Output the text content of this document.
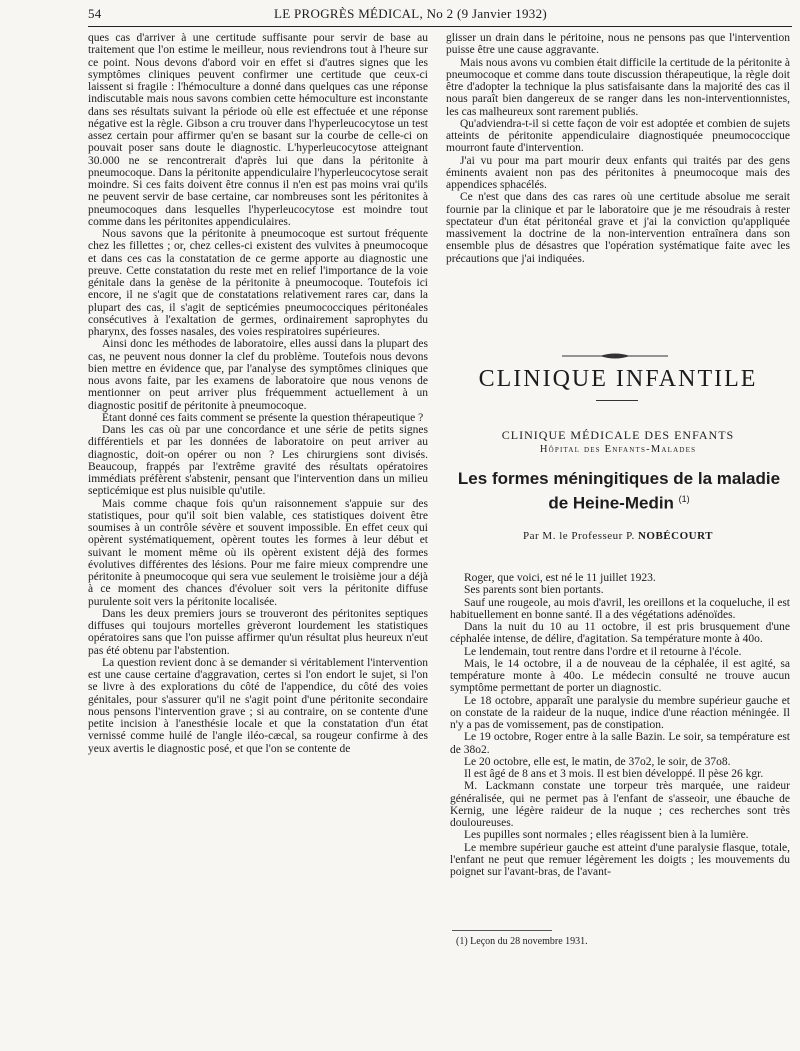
54	LE PROGRÈS MÉDICAL, No 2 (9 Janvier 1932)

ques cas d'arriver à une certitude suffisante pour servir de base au traitement que l'on estime le meilleur, nous reviendrons tout à l'heure sur ce point. Nous devons d'abord voir en effet si d'autres signes que les symptômes cliniques peuvent confirmer une certitude que ceux-ci laissent si fragile : l'hémoculture a donné dans quelques cas une réponse indiscutable mais nous savons combien cette hémoculture est inconstante dans ses résultats suivant la période où elle est effectuée et une réponse négative est la règle. Gibson a cru trouver dans l'hyperleucocytose un test assez certain pour affirmer qu'en se basant sur la courbe de celle-ci on pouvait poser sans doute le diagnostic. L'hyperleucocytose atteignant 30.000 ne se rencontrerait d'après lui que dans la péritonite à pneumocoque. Dans la péritonite appendiculaire l'hyperleucocytose serait moindre. Si ces faits doivent être connus il n'en est pas moins vrai qu'ils ne peuvent servir de base certaine, car nombreuses sont les péritonites à pneumocoques dans lesquelles l'hyperleucocytose est moindre tout comme dans les péritonites appendiculaires.

Nous savons que la péritonite à pneumocoque est surtout fréquente chez les fillettes ; or, chez celles-ci existent des vulvites à pneumocoque et dans ces cas la constatation de ce germe apporte au diagnostic une preuve. Cette constatation du reste met en relief l'importance de la voie génitale dans la genèse de la péritonite à pneumocoque. Toutefois ici encore, il ne s'agit que de constatations relativement rares car, dans la plupart des cas, il s'agit de septicémies pneumococciques péritonéales consécutives à l'exaltation de germes, ordinairement saprophytes du pharynx, des fosses nasales, des voies respiratoires supérieures.

Ainsi donc les méthodes de laboratoire, elles aussi dans la plupart des cas, ne peuvent nous donner la clef du problème. Toutefois nous devons bien mettre en évidence que, par l'analyse des symptômes cliniques que nous avons faite, par les examens de laboratoire que nous venons de mentionner on peut arriver plus fréquemment actuellement à un diagnostic positif de péritonite à pneumocoque.

Étant donné ces faits comment se présente la question thérapeutique ?

Dans les cas où par une concordance et une série de petits signes différentiels et par les données de laboratoire on peut arriver au diagnostic, doit-on opérer ou non ? Les chirurgiens sont divisés. Beaucoup, frappés par l'extrême gravité des résultats opératoires immédiats préfèrent s'abstenir, pensant que l'intervention dans un milieu septicémique est plus nuisible qu'utile.

Mais comme chaque fois qu'un raisonnement s'appuie sur des statistiques, pour qu'il soit bien valable, ces statistiques doivent être soumises à un contrôle sévère et souvent impossible. En effet ceux qui opèrent systématiquement, opèrent toutes les formes à leur début et suivant le moment même où ils opèrent existent déjà des formes évolutives différentes des lésions. Pour me faire mieux comprendre une péritonite à pneumocoque qui sera vue seulement le troisième jour a déjà à ce moment des chances d'évoluer soit vers la péritonite diffuse purulente soit vers la péritonite localisée.

Dans les deux premiers jours se trouveront des péritonites septiques diffuses qui toujours mortelles grèveront lourdement les statistiques opératoires sans que l'on puisse affirmer qu'un résultat plus heureux n'eut pas été obtenu par l'abstention.

La question revient donc à se demander si véritablement l'intervention est une cause certaine d'aggravation, certes si l'on endort le sujet, si l'on se livre à des explorations du côté de l'appendice, du côté des voies génitales, pour s'assurer qu'il ne s'agit point d'une péritonite secondaire nous pensons l'intervention grave ; si au contraire, on se contente d'une petite incision à l'anesthésie locale et que la constatation d'un état vernissé comme huilé de l'angle iléo-cæcal, sa rougeur confirme à des yeux avertis le diagnostic posé, et que l'on se contente de

glisser un drain dans le péritoine, nous ne pensons pas que l'intervention puisse être une cause aggravante.

Mais nous avons vu combien était difficile la certitude de la péritonite à pneumocoque et comme dans toute discussion thérapeutique, la règle doit être d'adopter la technique la plus satisfaisante dans la majorité des cas il nous paraît bien dangereux de se ranger dans les non-interventionnistes, les cas malheureux sont rarement publiés.

Qu'adviendra-t-il si cette façon de voir est adoptée et combien de sujets atteints de péritonite appendiculaire diagnostiquée pneumococcique mourront faute d'intervention.

J'ai vu pour ma part mourir deux enfants qui traités par des gens éminents avaient non pas des péritonites à pneumocoque mais des appendices sphacélés.

Ce n'est que dans des cas rares où une certitude absolue me serait fournie par la clinique et par le laboratoire que je me résoudrais à rester spectateur d'un état péritonéal grave et j'ai la conviction qu'appliquée massivement la doctrine de la non-intervention entraînera dans son ensemble plus de désastres que l'opération systématique faite avec les précautions que j'ai indiquées.

CLINIQUE INFANTILE
CLINIQUE MÉDICALE DES ENFANTS
Hôpital des Enfants-Malades
Les formes méningitiques de la maladie de Heine-Medin $^{(1)}$
Par M. le Professeur P. NOBÉCOURT

Roger, que voici, est né le 11 juillet 1923.

Ses parents sont bien portants.

Sauf une rougeole, au mois d'avril, les oreillons et la coqueluche, il est habituellement en bonne santé. Il a des végétations adénoïdes.

Dans la nuit du 10 au 11 octobre, il est pris brusquement d'une céphalée intense, de délire, d'agitation. Sa température monte à 40o.

Le lendemain, tout rentre dans l'ordre et il retourne à l'école.

Mais, le 14 octobre, il a de nouveau de la céphalée, il est agité, sa température monte à 40o. Le médecin consulté ne trouve aucun symptôme permettant de porter un diagnostic.

Le 18 octobre, apparaît une paralysie du membre supérieur gauche et on constate de la raideur de la nuque, indice d'une réaction méningée. Il n'y a pas de vomissement, pas de constipation.

Le 19 octobre, Roger entre à la salle Bazin. Le soir, sa température est de 38o2.

Le 20 octobre, elle est, le matin, de 37o2, le soir, de 37o8.

Il est âgé de 8 ans et 3 mois. Il est bien développé. Il pèse 26 kgr.

M. Lackmann constate une torpeur très marquée, une raideur généralisée, qui ne permet pas à l'enfant de s'asseoir, une ébauche de Kernig, une légère raideur de la nuque ; ces recherches sont très douloureuses.

Les pupilles sont normales ; elles réagissent bien à la lumière.

Le membre supérieur gauche est atteint d'une paralysie flasque, totale, l'enfant ne peut que remuer légèrement les doigts ; les mouvements du poignet sur l'avant-bras, de l'avant-

(1) Leçon du 28 novembre 1931.
